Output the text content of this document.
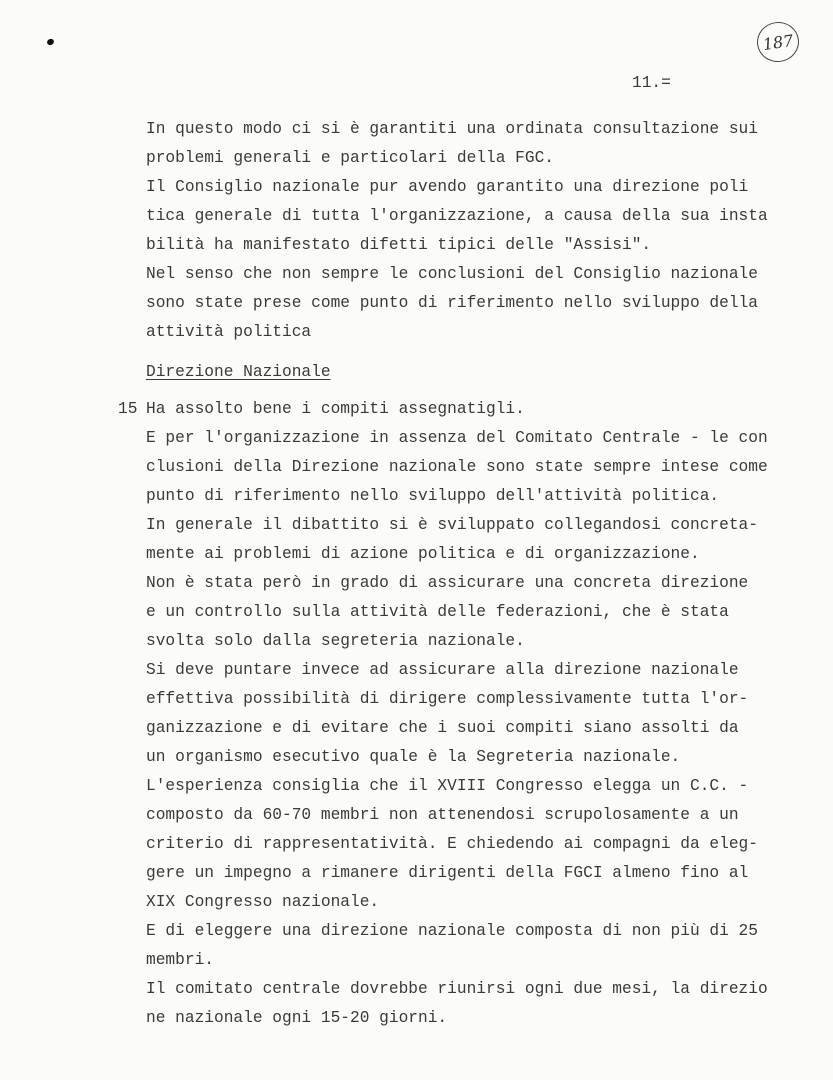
187
11.=
In questo modo ci si è garantiti una ordinata consultazione sui
problemi generali e particolari della FGC.
Il Consiglio nazionale pur avendo garantito una direzione poli
tica generale di tutta l'organizzazione, a causa della sua insta
bilità ha manifestato difetti tipici delle "Assisi".
Nel senso che non sempre le conclusioni del Consiglio nazionale
sono state prese come punto di riferimento nello sviluppo della
attività politica
Direzione Nazionale
15 Ha assolto bene i compiti assegnatigli.
E per l'organizzazione in assenza del Comitato Centrale - le con
clusioni della Direzione nazionale sono state sempre intese come
punto di riferimento nello sviluppo dell'attività politica.
In generale il dibattito si è sviluppato collegandosi concreta-
mente ai problemi di azione politica e di organizzazione.
Non è stata però in grado di assicurare una concreta direzione
e un controllo sulla attività delle federazioni, che è stata
svolta solo dalla segreteria nazionale.
Si deve puntare invece ad assicurare alla direzione nazionale
effettiva possibilità di dirigere complessivamente tutta l'or-
ganizzazione e di evitare che i suoi compiti siano assolti da
un organismo esecutivo quale è la Segreteria nazionale.
L'esperienza consiglia che il XVIII Congresso elegga un C.C. -
composto da 60-70 membri non attenendosi scrupolosamente a un
criterio di rappresentatività. E chiedendo ai compagni da eleg-
gere un impegno a rimanere dirigenti della FGCI almeno fino al
XIX Congresso nazionale.
E di eleggere una direzione nazionale composta di non più di 25
membri.
Il comitato centrale dovrebbe riunirsi ogni due mesi, la direzio
ne nazionale ogni 15-20 giorni.
